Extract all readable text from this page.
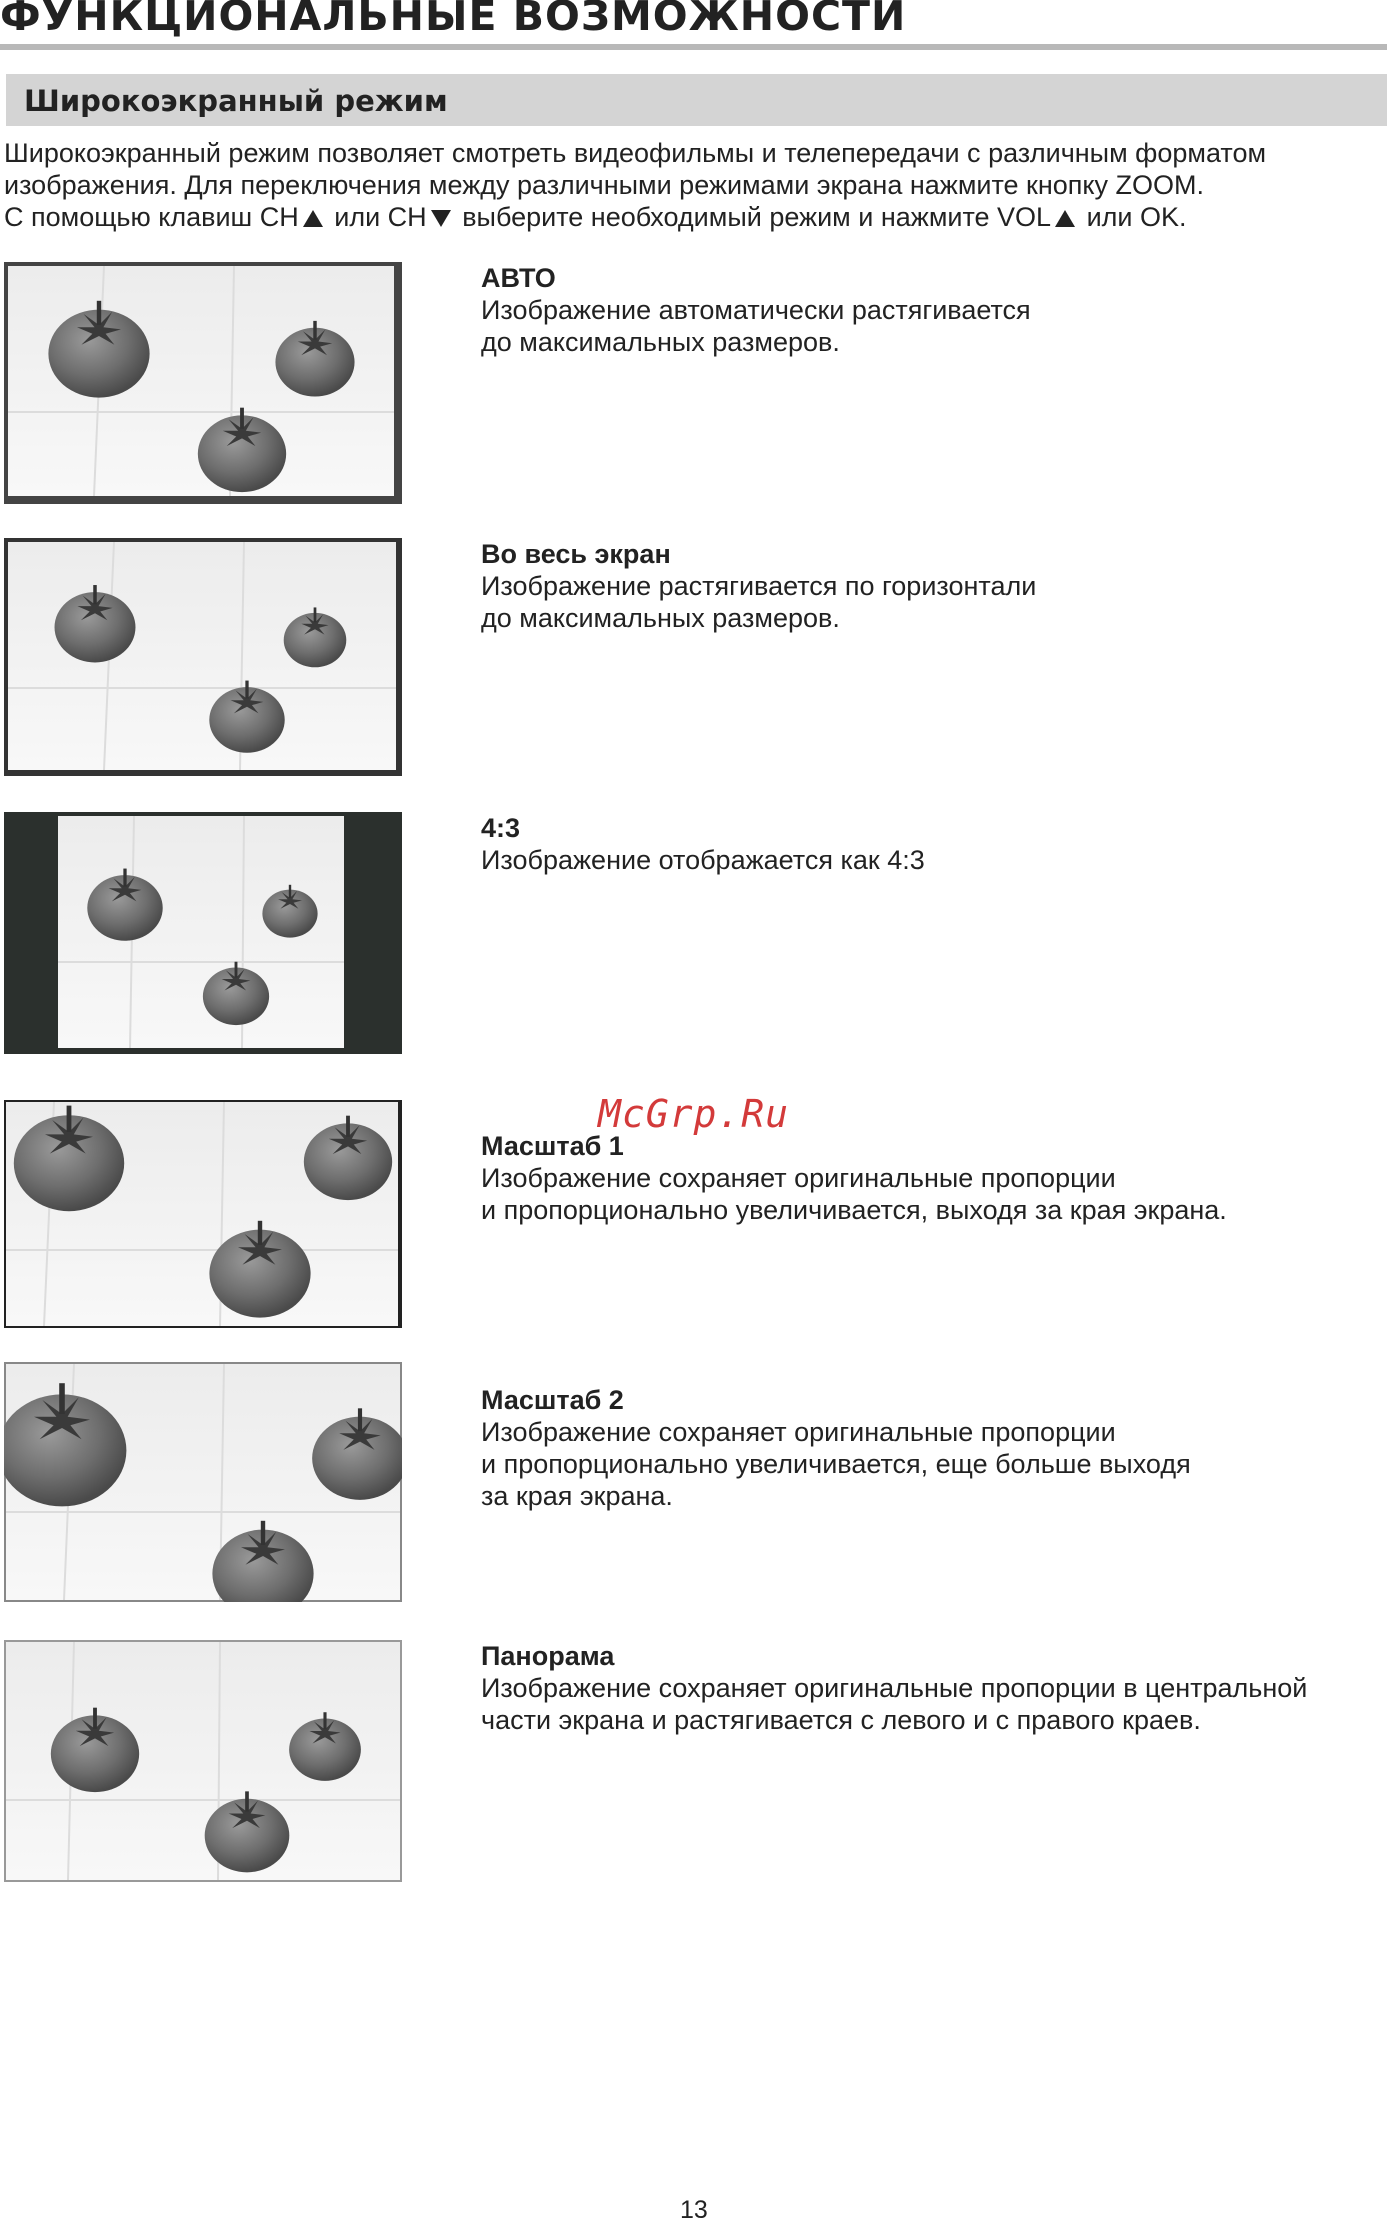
ФУНКЦИОНАЛЬНЫЕ ВОЗМОЖНОСТИ
Широкоэкранный режим
Широкоэкранный режим позволяет смотреть видеофильмы и телепередачи с различным форматом
изображения. Для переключения между различными режимами экрана нажмите кнопку ZOOM.
С помощью клавиш CH или CH выберите необходимый режим и нажмите VOL или OK.
АВТО
Изображение автоматически растягивается
до максимальных размеров.
Во весь экран
Изображение растягивается по горизонтали
до максимальных размеров.
4:3
Изображение отображается как 4:3
Масштаб 1
Изображение сохраняет оригинальные пропорции
и пропорционально увеличивается, выходя за края экрана.
Масштаб 2
Изображение сохраняет оригинальные пропорции
и пропорционально увеличивается, еще больше выходя
за края экрана.
Панорама
Изображение сохраняет оригинальные пропорции в центральной
части экрана и растягивается с левого и с правого краев.
McGrp.Ru
13
